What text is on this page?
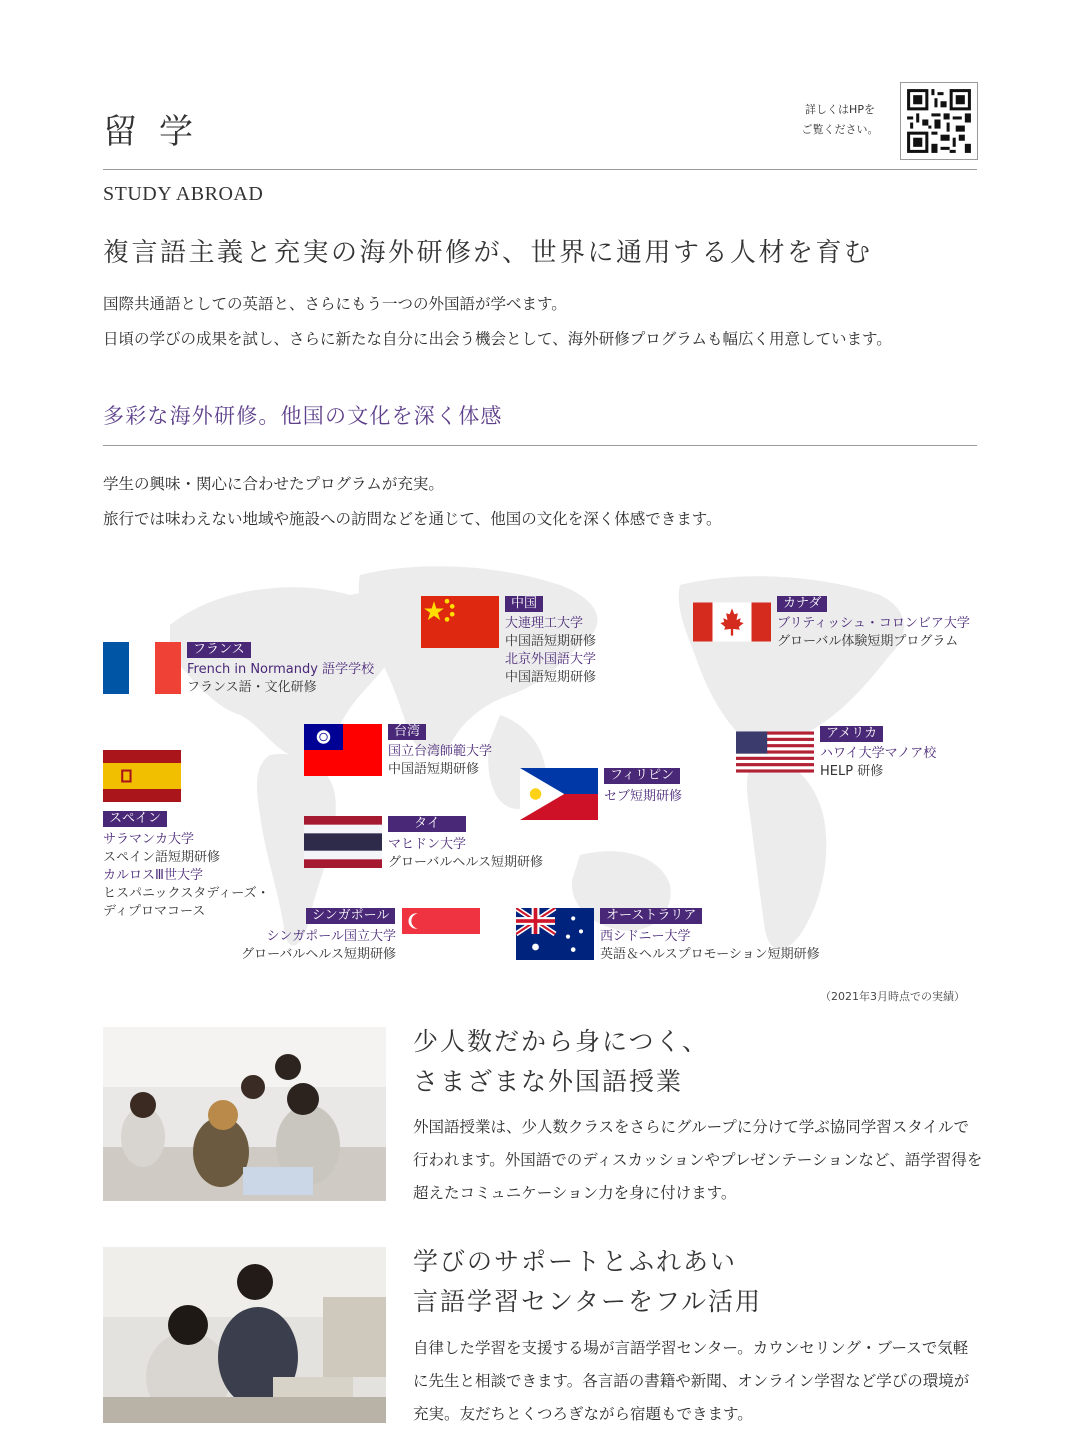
留学
詳しくはHPを
ご覧ください。
STUDY ABROAD
複言語主義と充実の海外研修が、世界に通用する人材を育む
国際共通語としての英語と、さらにもう一つの外国語が学べます。
日頃の学びの成果を試し、さらに新たな自分に出会う機会として、海外研修プログラムも幅広く用意しています。
多彩な海外研修。他国の文化を深く体感
学生の興味・関心に合わせたプログラムが充実。
旅行では味わえない地域や施設への訪問などを通じて、他国の文化を深く体感できます。
フランス
French in Normandy 語学学校
フランス語・文化研修
中国
大連理工大学
中国語短期研修
北京外国語大学
中国語短期研修
カナダ
ブリティッシュ・コロンビア大学
グローバル体験短期プログラム
スペイン
サラマンカ大学
スペイン語短期研修
カルロスⅢ世大学
ヒスパニックスタディーズ・
ディプロマコース
台湾
国立台湾師範大学
中国語短期研修
アメリカ
ハワイ大学マノア校
HELP 研修
フィリピン
セブ短期研修
タイ
マヒドン大学
グローバルヘルス短期研修
シンガポール
シンガポール国立大学
グローバルヘルス短期研修
オーストラリア
西シドニー大学
英語＆ヘルスプロモーション短期研修
（2021年3月時点での実績）
少人数だから身につく、
さまざまな外国語授業
外国語授業は、少人数クラスをさらにグループに分けて学ぶ協同学習スタイルで行われます。外国語でのディスカッションやプレゼンテーションなど、語学習得を超えたコミュニケーション力を身に付けます。
学びのサポートとふれあい
言語学習センターをフル活用
自律した学習を支援する場が言語学習センター。カウンセリング・ブースで気軽に先生と相談できます。各言語の書籍や新聞、オンライン学習など学びの環境が充実。友だちとくつろぎながら宿題もできます。
